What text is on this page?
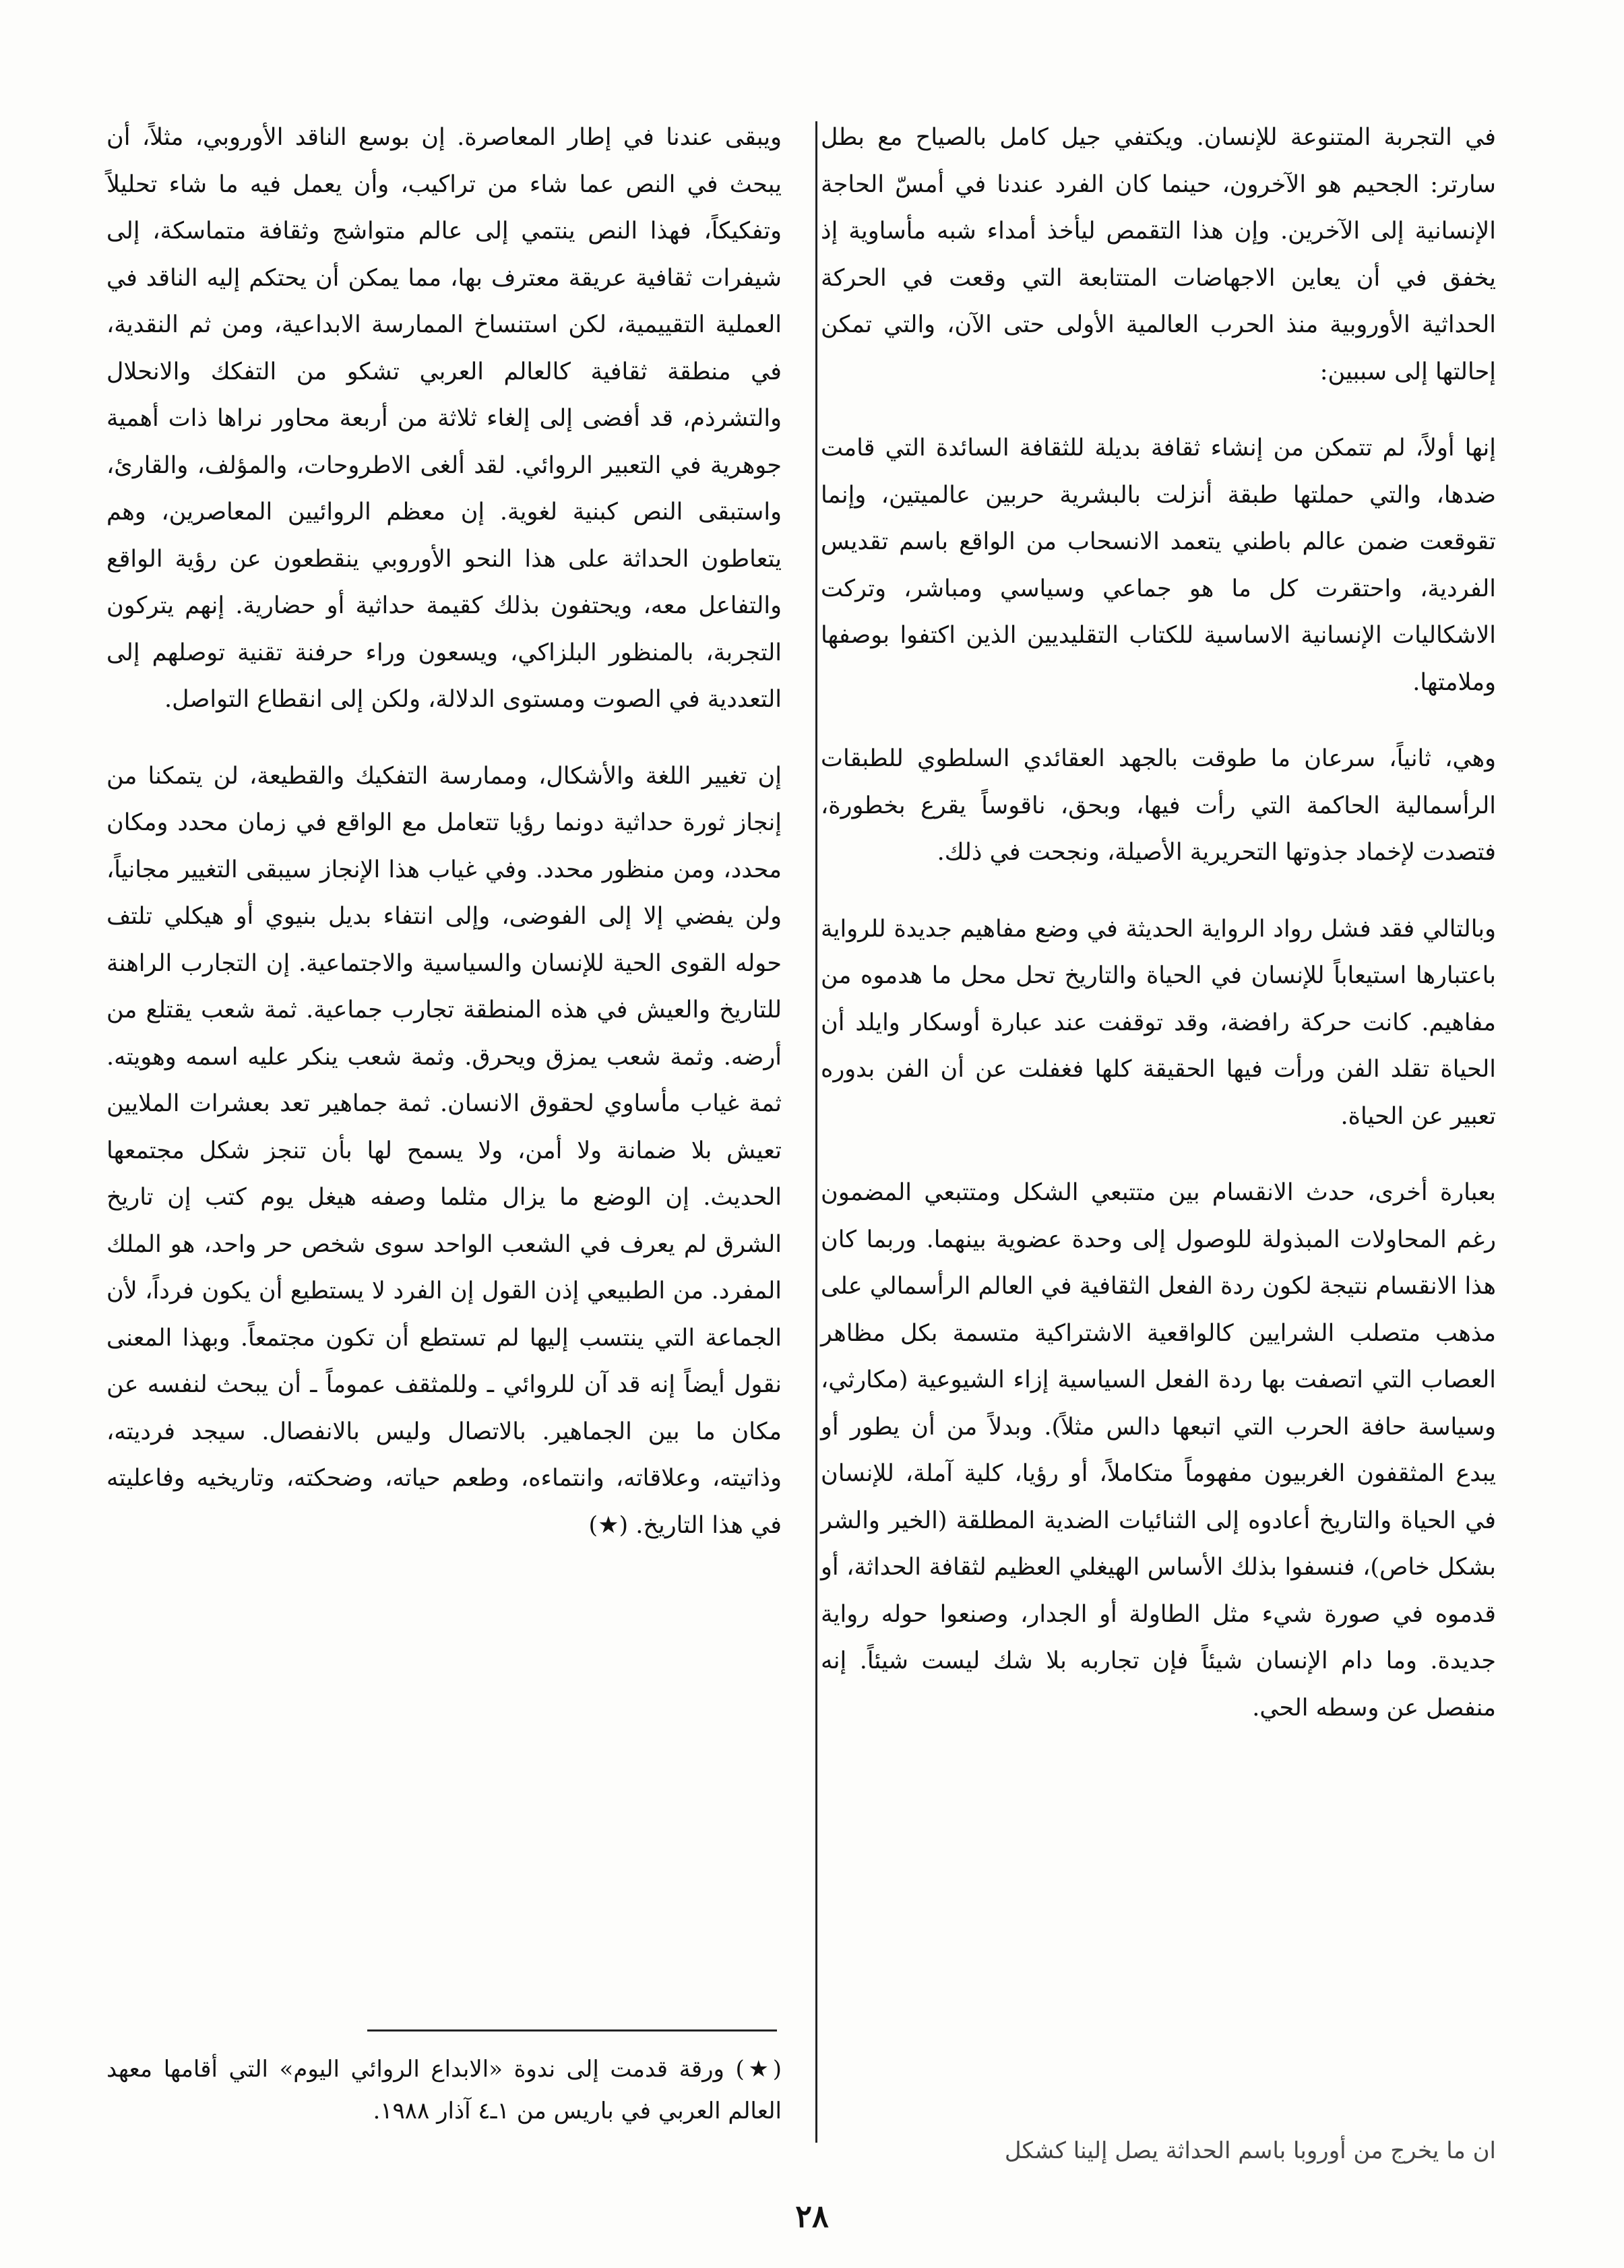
في التجربة المتنوعة للإنسان. ويكتفي جيل كامل بالصياح مع بطل سارتر: الجحيم هو الآخرون، حينما كان الفرد عندنا في أمسّ الحاجة الإنسانية إلى الآخرين. وإن هذا التقمص ليأخذ أمداء شبه مأساوية إذ يخفق في أن يعاين الاجهاضات المتتابعة التي وقعت في الحركة الحداثية الأوروبية منذ الحرب العالمية الأولى حتى الآن، والتي تمكن إحالتها إلى سببين:

إنها أولاً، لم تتمكن من إنشاء ثقافة بديلة للثقافة السائدة التي قامت ضدها، والتي حملتها طبقة أنزلت بالبشرية حربين عالميتين، وإنما تقوقعت ضمن عالم باطني يتعمد الانسحاب من الواقع باسم تقديس الفردية، واحتقرت كل ما هو جماعي وسياسي ومباشر، وتركت الاشكاليات الإنسانية الاساسية للكتاب التقليديين الذين اكتفوا بوصفها وملامتها.

وهي، ثانياً، سرعان ما طوقت بالجهد العقائدي السلطوي للطبقات الرأسمالية الحاكمة التي رأت فيها، وبحق، ناقوساً يقرع بخطورة، فتصدت لإخماد جذوتها التحريرية الأصيلة، ونجحت في ذلك.

وبالتالي فقد فشل رواد الرواية الحديثة في وضع مفاهيم جديدة للرواية باعتبارها استيعاباً للإنسان في الحياة والتاريخ تحل محل ما هدموه من مفاهيم. كانت حركة رافضة، وقد توقفت عند عبارة أوسكار وايلد أن الحياة تقلد الفن ورأت فيها الحقيقة كلها فغفلت عن أن الفن بدوره تعبير عن الحياة.

بعبارة أخرى، حدث الانقسام بين متتبعي الشكل ومتتبعي المضمون رغم المحاولات المبذولة للوصول إلى وحدة عضوية بينهما. وربما كان هذا الانقسام نتيجة لكون ردة الفعل الثقافية في العالم الرأسمالي على مذهب متصلب الشرايين كالواقعية الاشتراكية متسمة بكل مظاهر العصاب التي اتصفت بها ردة الفعل السياسية إزاء الشيوعية (مكارثي، وسياسة حافة الحرب التي اتبعها دالس مثلاً). وبدلاً من أن يطور أو يبدع المثقفون الغربيون مفهوماً متكاملاً، أو رؤيا، كلية آملة، للإنسان في الحياة والتاريخ أعادوه إلى الثنائيات الضدية المطلقة (الخير والشر بشكل خاص)، فنسفوا بذلك الأساس الهيغلي العظيم لثقافة الحداثة، أو قدموه في صورة شيء مثل الطاولة أو الجدار، وصنعوا حوله رواية جديدة. وما دام الإنسان شيئاً فإن تجاربه بلا شك ليست شيئاً. إنه منفصل عن وسطه الحي.

ويبقى عندنا في إطار المعاصرة. إن بوسع الناقد الأوروبي، مثلاً، أن يبحث في النص عما شاء من تراكيب، وأن يعمل فيه ما شاء تحليلاً وتفكيكاً، فهذا النص ينتمي إلى عالم متواشج وثقافة متماسكة، إلى شيفرات ثقافية عريقة معترف بها، مما يمكن أن يحتكم إليه الناقد في العملية التقييمية، لكن استنساخ الممارسة الابداعية، ومن ثم النقدية، في منطقة ثقافية كالعالم العربي تشكو من التفكك والانحلال والتشرذم، قد أفضى إلى إلغاء ثلاثة من أربعة محاور نراها ذات أهمية جوهرية في التعبير الروائي. لقد ألغى الاطروحات، والمؤلف، والقارئ، واستبقى النص كبنية لغوية. إن معظم الروائيين المعاصرين، وهم يتعاطون الحداثة على هذا النحو الأوروبي ينقطعون عن رؤية الواقع والتفاعل معه، ويحتفون بذلك كقيمة حداثية أو حضارية. إنهم يتركون التجربة، بالمنظور البلزاكي، ويسعون وراء حرفنة تقنية توصلهم إلى التعددية في الصوت ومستوى الدلالة، ولكن إلى انقطاع التواصل.

إن تغيير اللغة والأشكال، وممارسة التفكيك والقطيعة، لن يتمكنا من إنجاز ثورة حداثية دونما رؤيا تتعامل مع الواقع في زمان محدد ومكان محدد، ومن منظور محدد. وفي غياب هذا الإنجاز سيبقى التغيير مجانياً، ولن يفضي إلا إلى الفوضى، وإلى انتفاء بديل بنيوي أو هيكلي تلتف حوله القوى الحية للإنسان والسياسية والاجتماعية. إن التجارب الراهنة للتاريخ والعيش في هذه المنطقة تجارب جماعية. ثمة شعب يقتلع من أرضه. وثمة شعب يمزق ويحرق. وثمة شعب ينكر عليه اسمه وهويته. ثمة غياب مأساوي لحقوق الانسان. ثمة جماهير تعد بعشرات الملايين تعيش بلا ضمانة ولا أمن، ولا يسمح لها بأن تنجز شكل مجتمعها الحديث. إن الوضع ما يزال مثلما وصفه هيغل يوم كتب إن تاريخ الشرق لم يعرف في الشعب الواحد سوى شخص حر واحد، هو الملك المفرد. من الطبيعي إذن القول إن الفرد لا يستطيع أن يكون فرداً، لأن الجماعة التي ينتسب إليها لم تستطع أن تكون مجتمعاً. وبهذا المعنى نقول أيضاً إنه قد آن للروائي ـ وللمثقف عموماً ـ أن يبحث لنفسه عن مكان ما بين الجماهير. بالاتصال وليس بالانفصال. سيجد فرديته، وذاتيته، وعلاقاته، وانتماءه، وطعم حياته، وضحكته، وتاريخيه وفاعليته في هذا التاريخ. (★)

(★) ورقة قدمت إلى ندوة «الابداع الروائي اليوم» التي أقامها معهد العالم العربي في باريس من ١ـ٤ آذار ١٩٨٨.
ان ما يخرج من أوروبا باسم الحداثة يصل إلينا كشكل
٢٨
